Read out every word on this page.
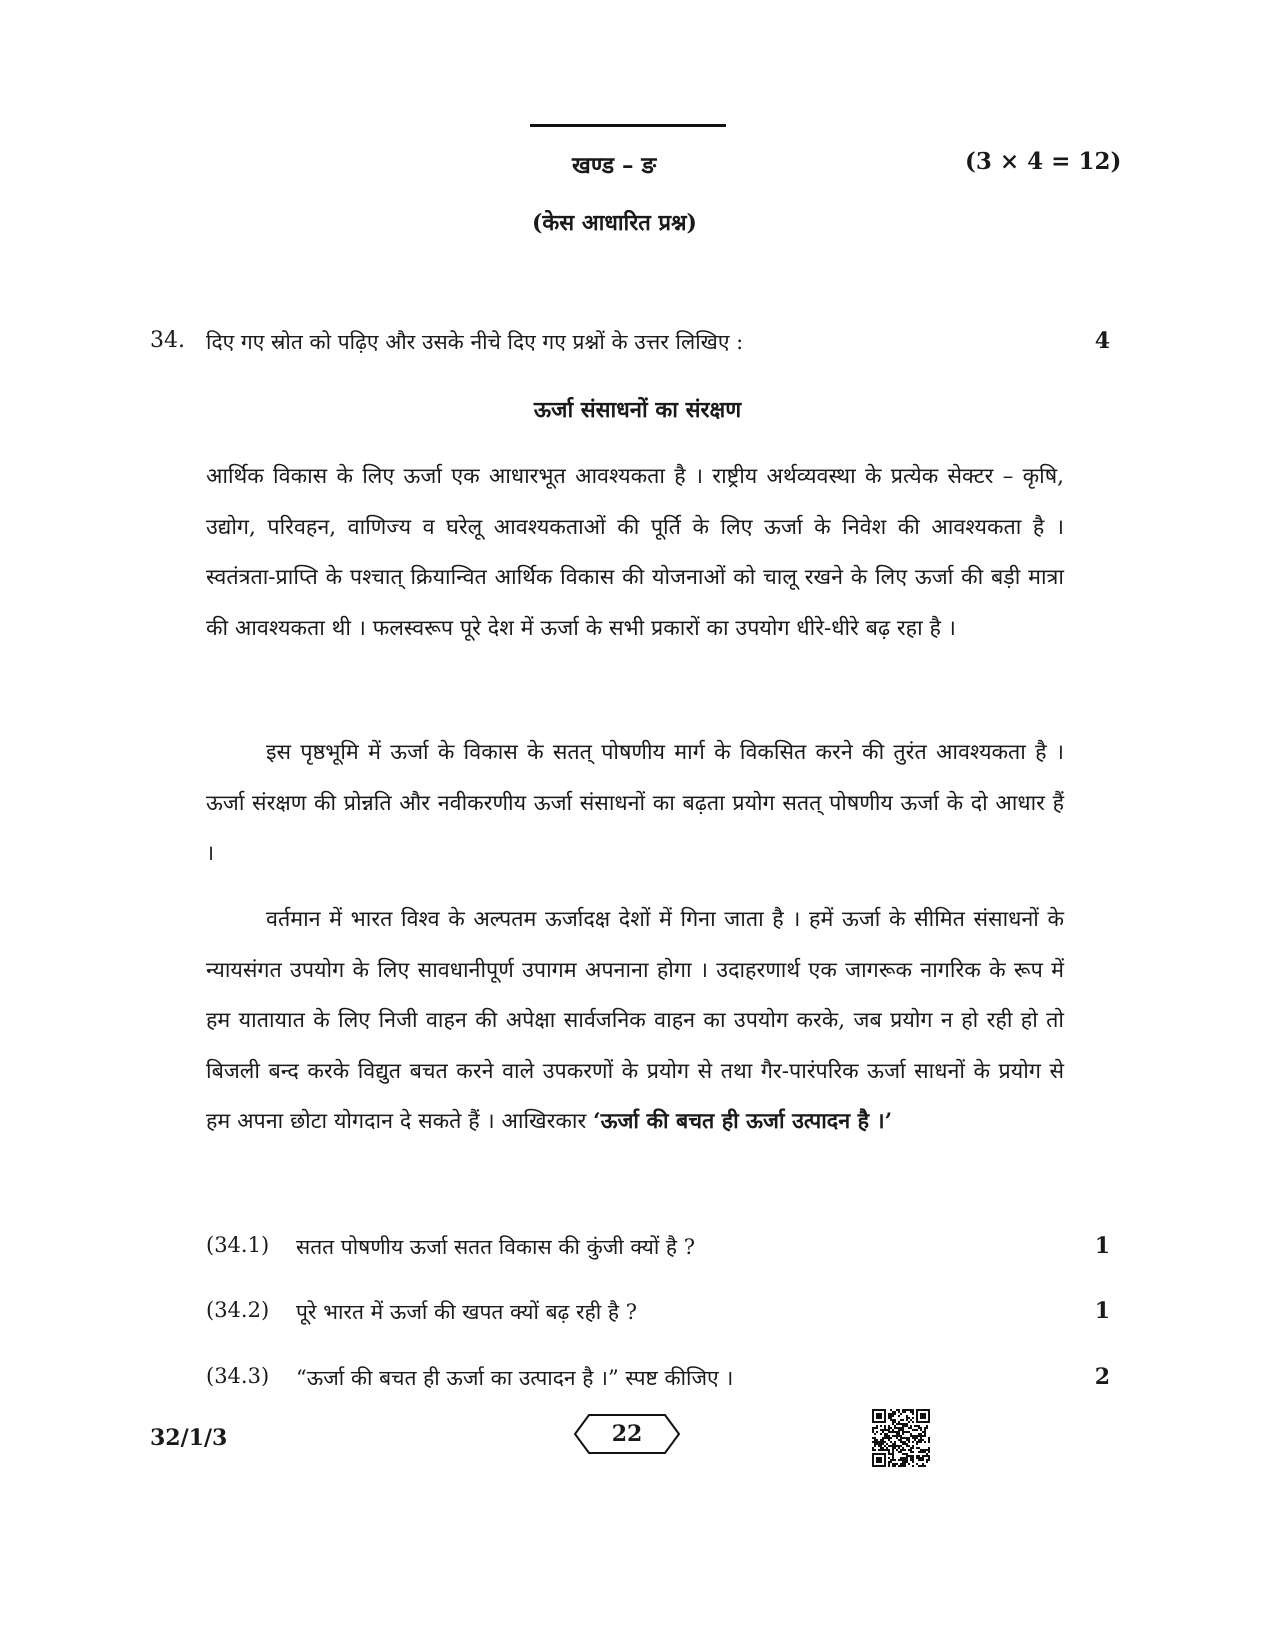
खण्ड – ङ	(3 × 4 = 12)
(केस आधारित प्रश्न)
34. दिए गए स्रोत को पढ़िए और उसके नीचे दिए गए प्रश्नों के उत्तर लिखिए :	4
ऊर्जा संसाधनों का संरक्षण

आर्थिक विकास के लिए ऊर्जा एक आधारभूत आवश्यकता है । राष्ट्रीय अर्थव्यवस्था के प्रत्येक सेक्टर – कृषि, उद्योग, परिवहन, वाणिज्य व घरेलू आवश्यकताओं की पूर्ति के लिए ऊर्जा के निवेश की आवश्यकता है । स्वतंत्रता-प्राप्ति के पश्चात् क्रियान्वित आर्थिक विकास की योजनाओं को चालू रखने के लिए ऊर्जा की बड़ी मात्रा की आवश्यकता थी । फलस्वरूप पूरे देश में ऊर्जा के सभी प्रकारों का उपयोग धीरे-धीरे बढ़ रहा है ।

इस पृष्ठभूमि में ऊर्जा के विकास के सतत् पोषणीय मार्ग के विकसित करने की तुरंत आवश्यकता है । ऊर्जा संरक्षण की प्रोन्नति और नवीकरणीय ऊर्जा संसाधनों का बढ़ता प्रयोग सतत् पोषणीय ऊर्जा के दो आधार हैं ।

वर्तमान में भारत विश्व के अल्पतम ऊर्जादक्ष देशों में गिना जाता है । हमें ऊर्जा के सीमित संसाधनों के न्यायसंगत उपयोग के लिए सावधानीपूर्ण उपागम अपनाना होगा । उदाहरणार्थ एक जागरूक नागरिक के रूप में हम यातायात के लिए निजी वाहन की अपेक्षा सार्वजनिक वाहन का उपयोग करके, जब प्रयोग न हो रही हो तो बिजली बन्द करके विद्युत बचत करने वाले उपकरणों के प्रयोग से तथा गैर-पारंपरिक ऊर्जा साधनों के प्रयोग से हम अपना छोटा योगदान दे सकते हैं । आखिरकार ‘ऊर्जा की बचत ही ऊर्जा उत्पादन है ।’

(34.1) सतत पोषणीय ऊर्जा सतत विकास की कुंजी क्यों है ?	1
(34.2) पूरे भारत में ऊर्जा की खपत क्यों बढ़ रही है ?	1
(34.3) “ऊर्जा की बचत ही ऊर्जा का उत्पादन है ।” स्पष्ट कीजिए ।	2
32/1/3	22
